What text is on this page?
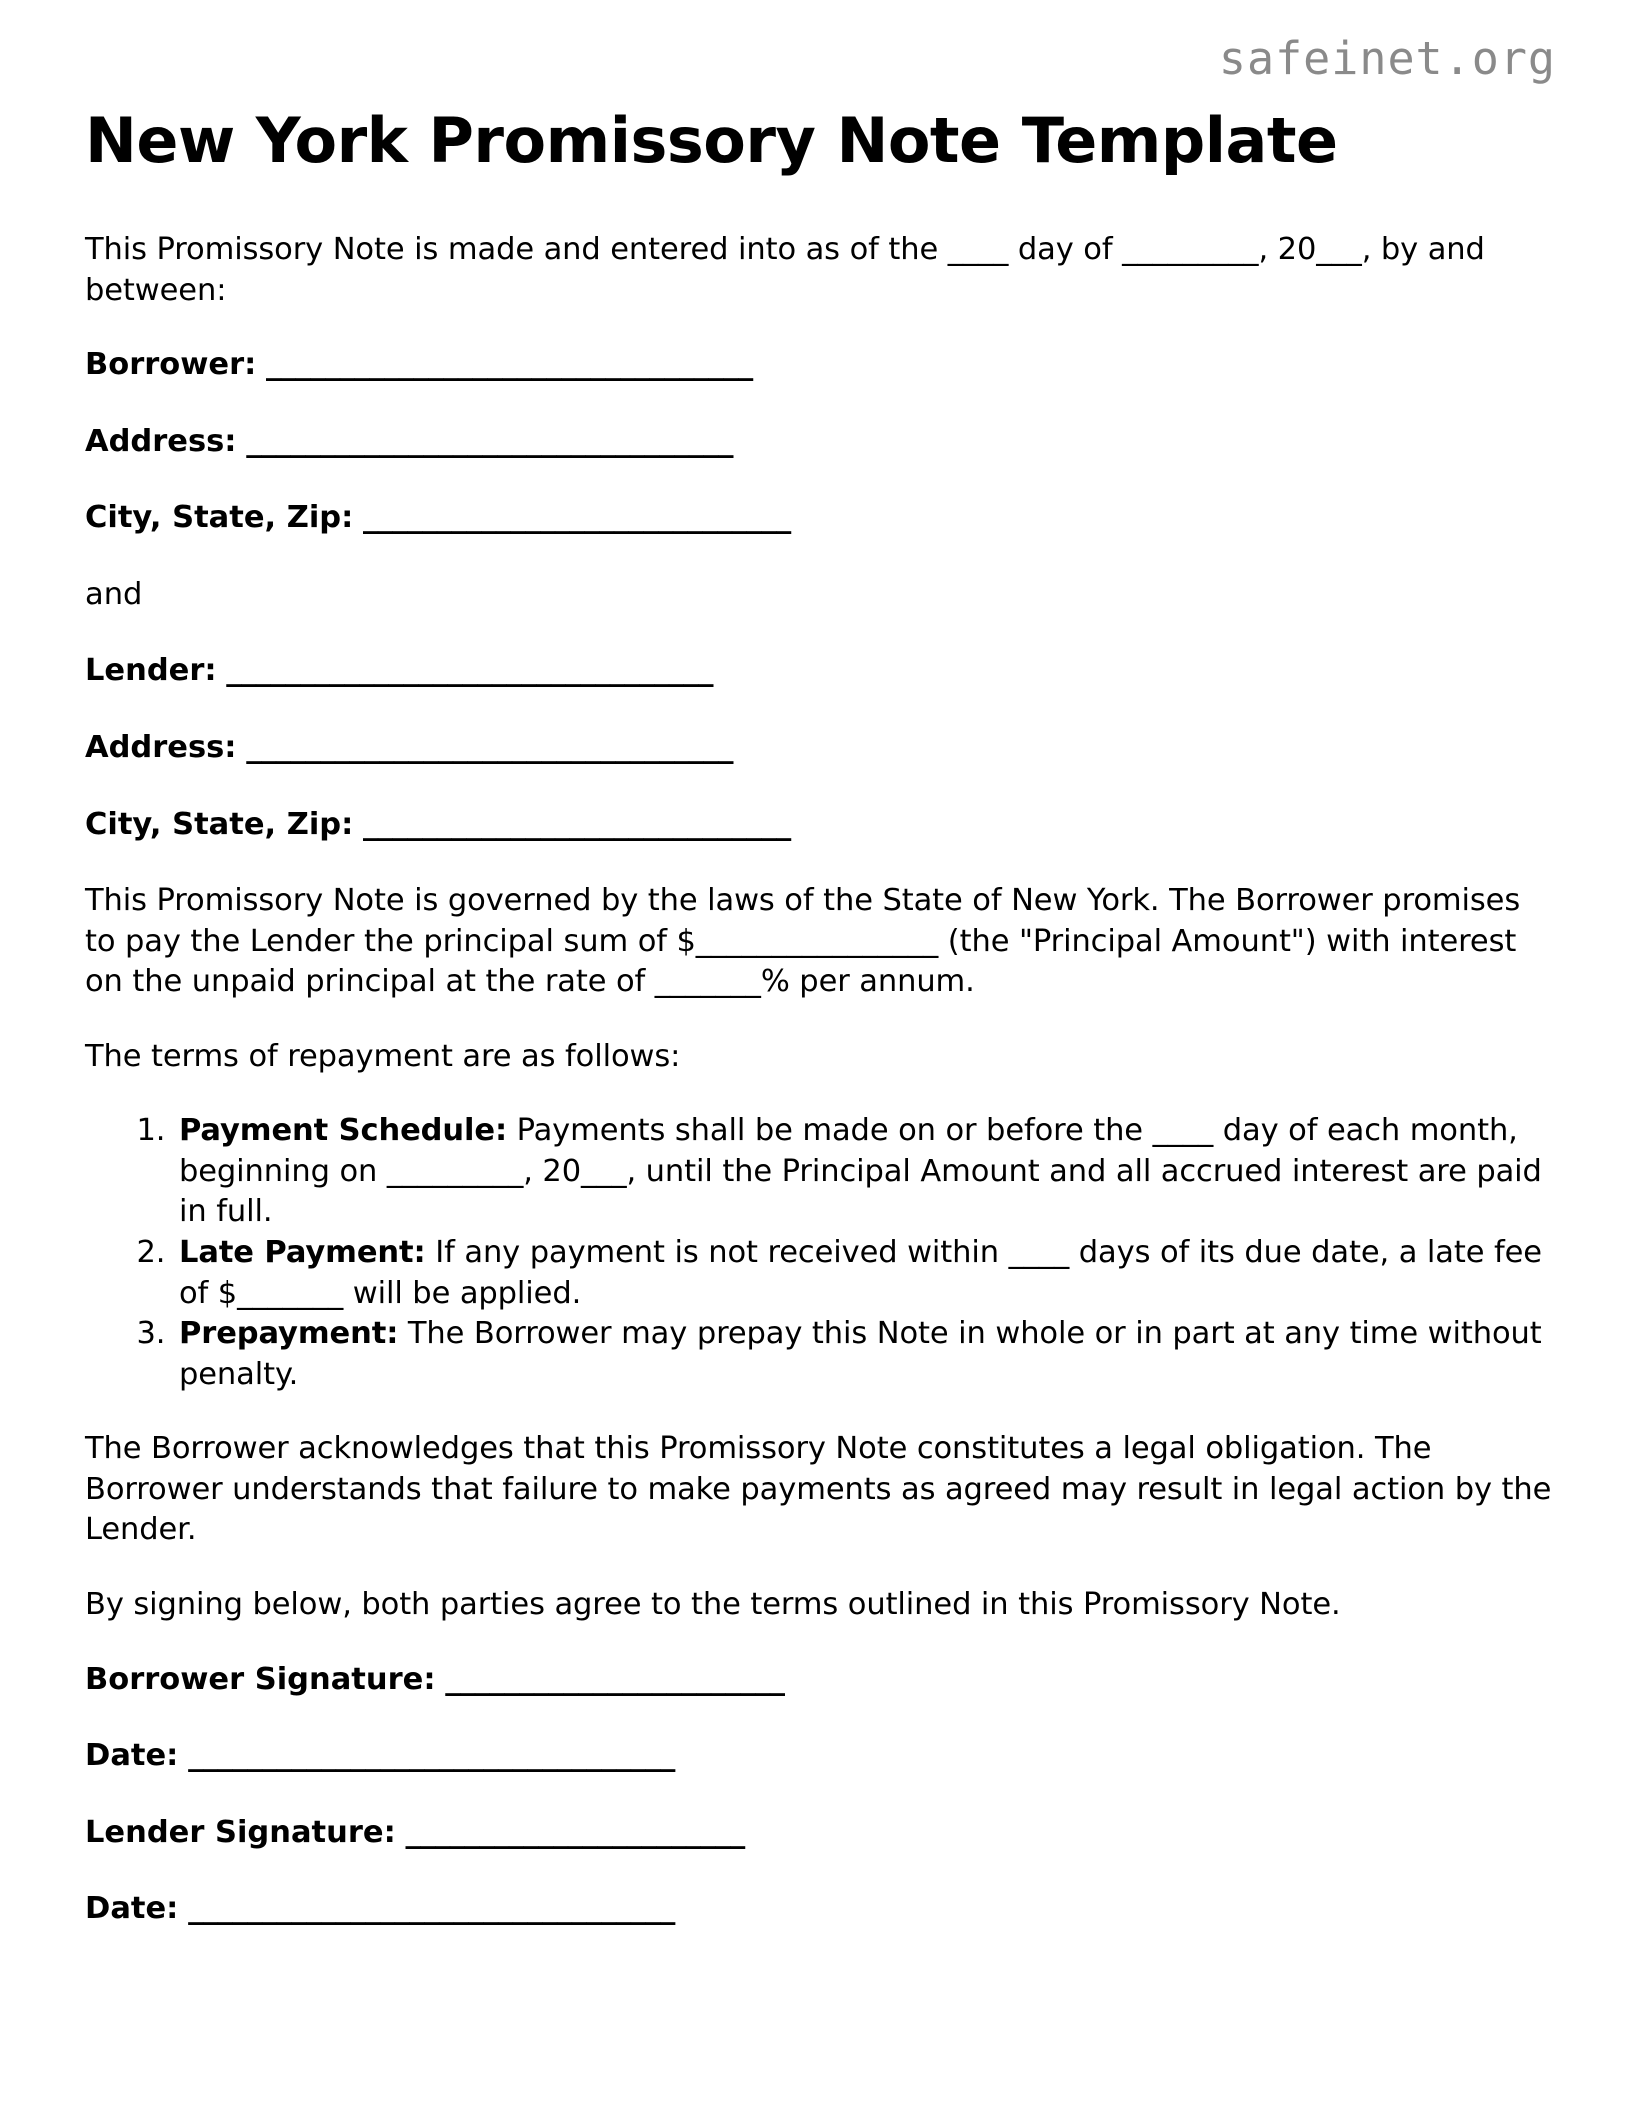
safeinet.org
New York Promissory Note Template

This Promissory Note is made and entered into as of the ____ day of _________, 20___, by and between:

Borrower: _________________________________
Address: _________________________________
City, State, Zip: _____________________________
and
Lender: _________________________________
Address: _________________________________
City, State, Zip: _____________________________

This Promissory Note is governed by the laws of the State of New York. The Borrower promises to pay the Lender the principal sum of $________________ (the "Principal Amount") with interest on the unpaid principal at the rate of _______% per annum.

The terms of repayment are as follows:

1. Payment Schedule: Payments shall be made on or before the ____ day of each month, beginning on _________, 20___, until the Principal Amount and all accrued interest are paid in full.
2. Late Payment: If any payment is not received within ____ days of its due date, a late fee of $_______ will be applied.
3. Prepayment: The Borrower may prepay this Note in whole or in part at any time without penalty.

The Borrower acknowledges that this Promissory Note constitutes a legal obligation. The Borrower understands that failure to make payments as agreed may result in legal action by the Lender.

By signing below, both parties agree to the terms outlined in this Promissory Note.

Borrower Signature: _______________________
Date: _________________________________
Lender Signature: _______________________
Date: _________________________________
